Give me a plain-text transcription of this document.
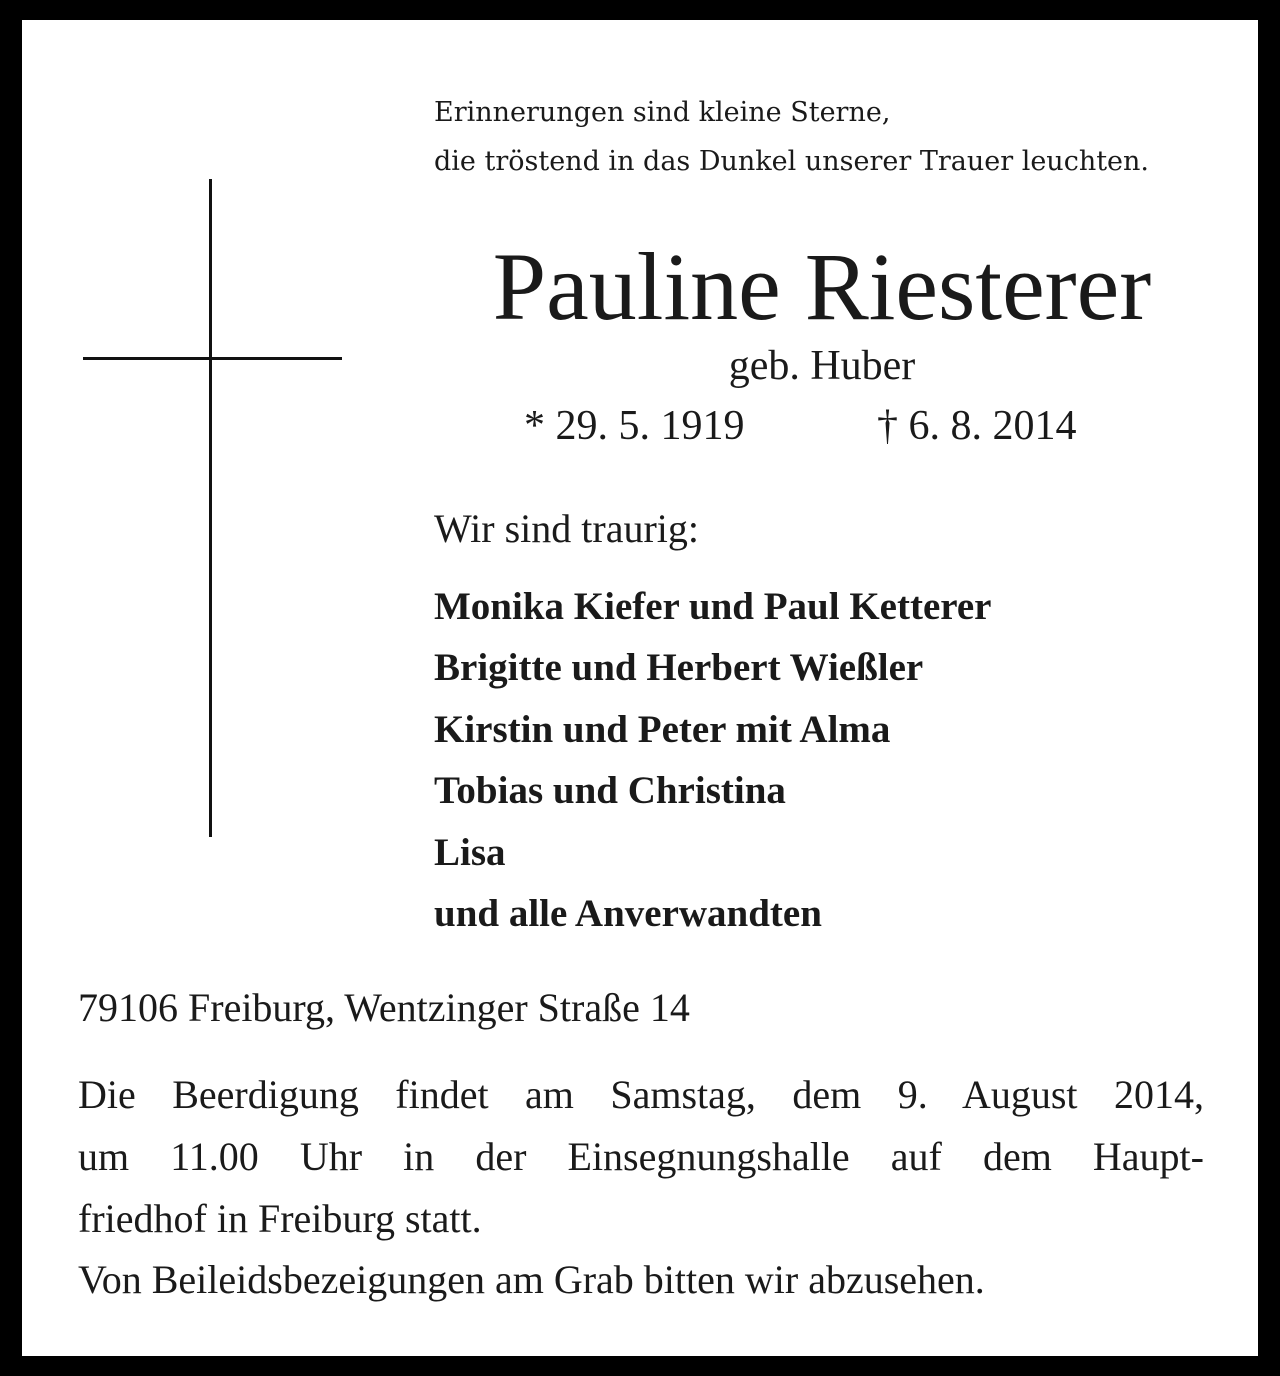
Erinnerungen sind kleine Sterne,
die tröstend in das Dunkel unserer Trauer leuchten.
Pauline Riesterer
geb. Huber
* 29. 5. 1919	† 6. 8. 2014
Wir sind traurig:
Monika Kiefer und Paul Ketterer
Brigitte und Herbert Wießler
Kirstin und Peter mit Alma
Tobias und Christina
Lisa
und alle Anverwandten
79106 Freiburg, Wentzinger Straße 14
Die Beerdigung findet am Samstag, dem 9. August 2014,
um 11.00 Uhr in der Einsegnungshalle auf dem Haupt-
friedhof in Freiburg statt.
Von Beileidsbezeigungen am Grab bitten wir abzusehen.
